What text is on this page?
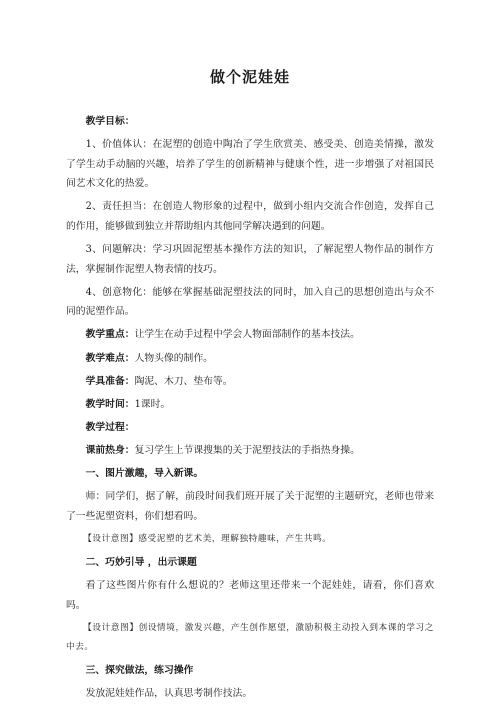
做个泥娃娃

教学目标：

1、价值体认：在泥塑的创造中陶冶了学生欣赏美、感受美、创造美情操，激发了学生动手动脑的兴趣，培养了学生的创新精神与健康个性，进一步增强了对祖国民间艺术文化的热爱。

2、责任担当：在创造人物形象的过程中，做到小组内交流合作创造，发挥自己的作用，能够做到独立并帮助组内其他同学解决遇到的问题。

3、问题解决：学习巩固泥塑基本操作方法的知识，了解泥塑人物作品的制作方法，掌握制作泥塑人物表情的技巧。

4、创意物化：能够在掌握基础泥塑技法的同时，加入自己的思想创造出与众不同的泥塑作品。

教学重点：让学生在动手过程中学会人物面部制作的基本技法。

教学难点：人物头像的制作。

学具准备：陶泥、木刀、垫布等。

教学时间：1课时。

教学过程：

课前热身：复习学生上节课搜集的关于泥塑技法的手指热身操。

一、图片激趣，导入新课。

师：同学们，据了解，前段时间我们班开展了关于泥塑的主题研究，老师也带来了一些泥塑资料，你们想看吗。

【设计意图】感受泥塑的艺术美，理解独特趣味，产生共鸣。

二、巧妙引导 ，出示课题

看了这些图片你有什么想说的？老师这里还带来一个泥娃娃，请看，你们喜欢吗。

【设计意图】创设情境，激发兴趣，产生创作愿望，激励积极主动投入到本课的学习之中去。

三、探究做法，练习操作

发放泥娃娃作品，认真思考制作技法。
